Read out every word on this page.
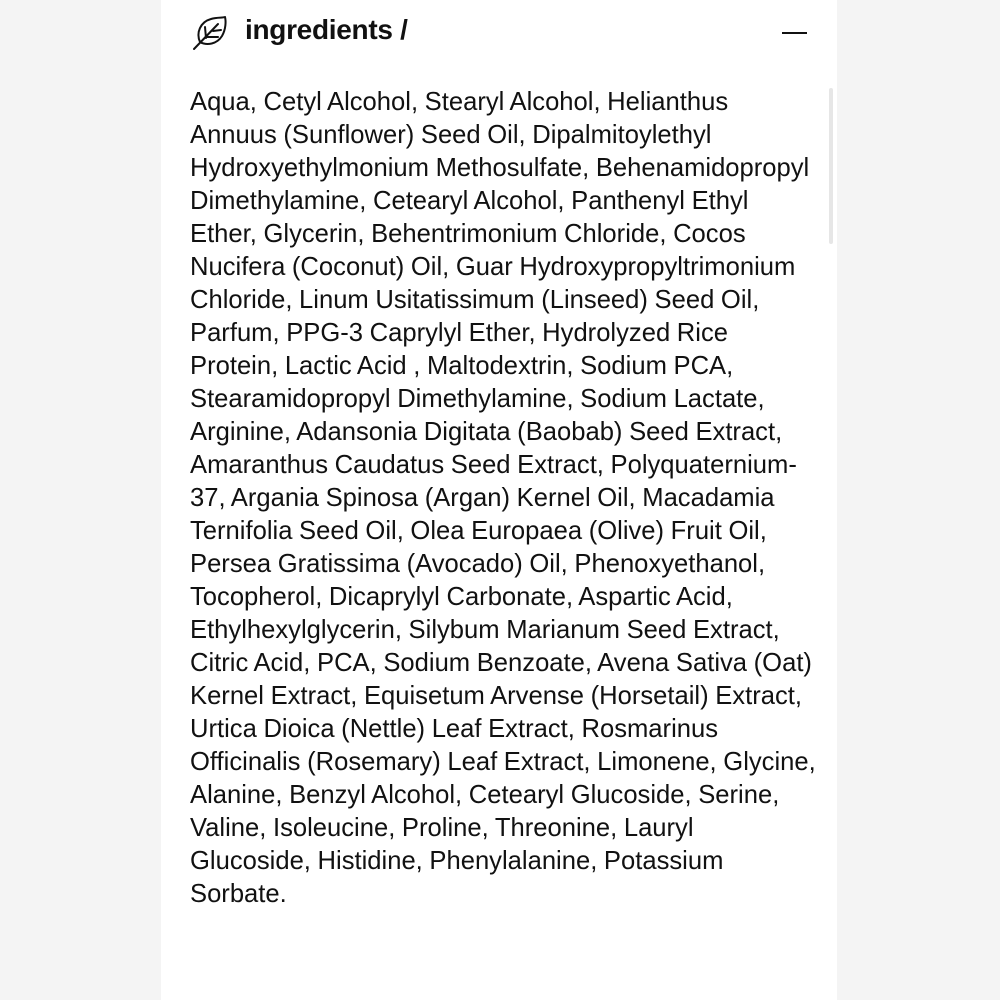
ingredients /

Aqua, Cetyl Alcohol, Stearyl Alcohol, Helianthus Annuus (Sunflower) Seed Oil, Dipalmitoylethyl Hydroxyethylmonium Methosulfate, Behenamidopropyl Dimethylamine, Cetearyl Alcohol, Panthenyl Ethyl Ether, Glycerin, Behentrimonium Chloride, Cocos Nucifera (Coconut) Oil, Guar Hydroxypropyltrimonium Chloride, Linum Usitatissimum (Linseed) Seed Oil, Parfum, PPG-3 Caprylyl Ether, Hydrolyzed Rice Protein, Lactic Acid , Maltodextrin, Sodium PCA, Stearamidopropyl Dimethylamine, Sodium Lactate, Arginine, Adansonia Digitata (Baobab) Seed Extract, Amaranthus Caudatus Seed Extract, Polyquaternium-37, Argania Spinosa (Argan) Kernel Oil, Macadamia Ternifolia Seed Oil, Olea Europaea (Olive) Fruit Oil, Persea Gratissima (Avocado) Oil, Phenoxyethanol, Tocopherol, Dicaprylyl Carbonate, Aspartic Acid, Ethylhexylglycerin, Silybum Marianum Seed Extract, Citric Acid, PCA, Sodium Benzoate, Avena Sativa (Oat) Kernel Extract, Equisetum Arvense (Horsetail) Extract, Urtica Dioica (Nettle) Leaf Extract, Rosmarinus Officinalis (Rosemary) Leaf Extract, Limonene, Glycine, Alanine, Benzyl Alcohol, Cetearyl Glucoside, Serine, Valine, Isoleucine, Proline, Threonine, Lauryl Glucoside, Histidine, Phenylalanine, Potassium Sorbate.
